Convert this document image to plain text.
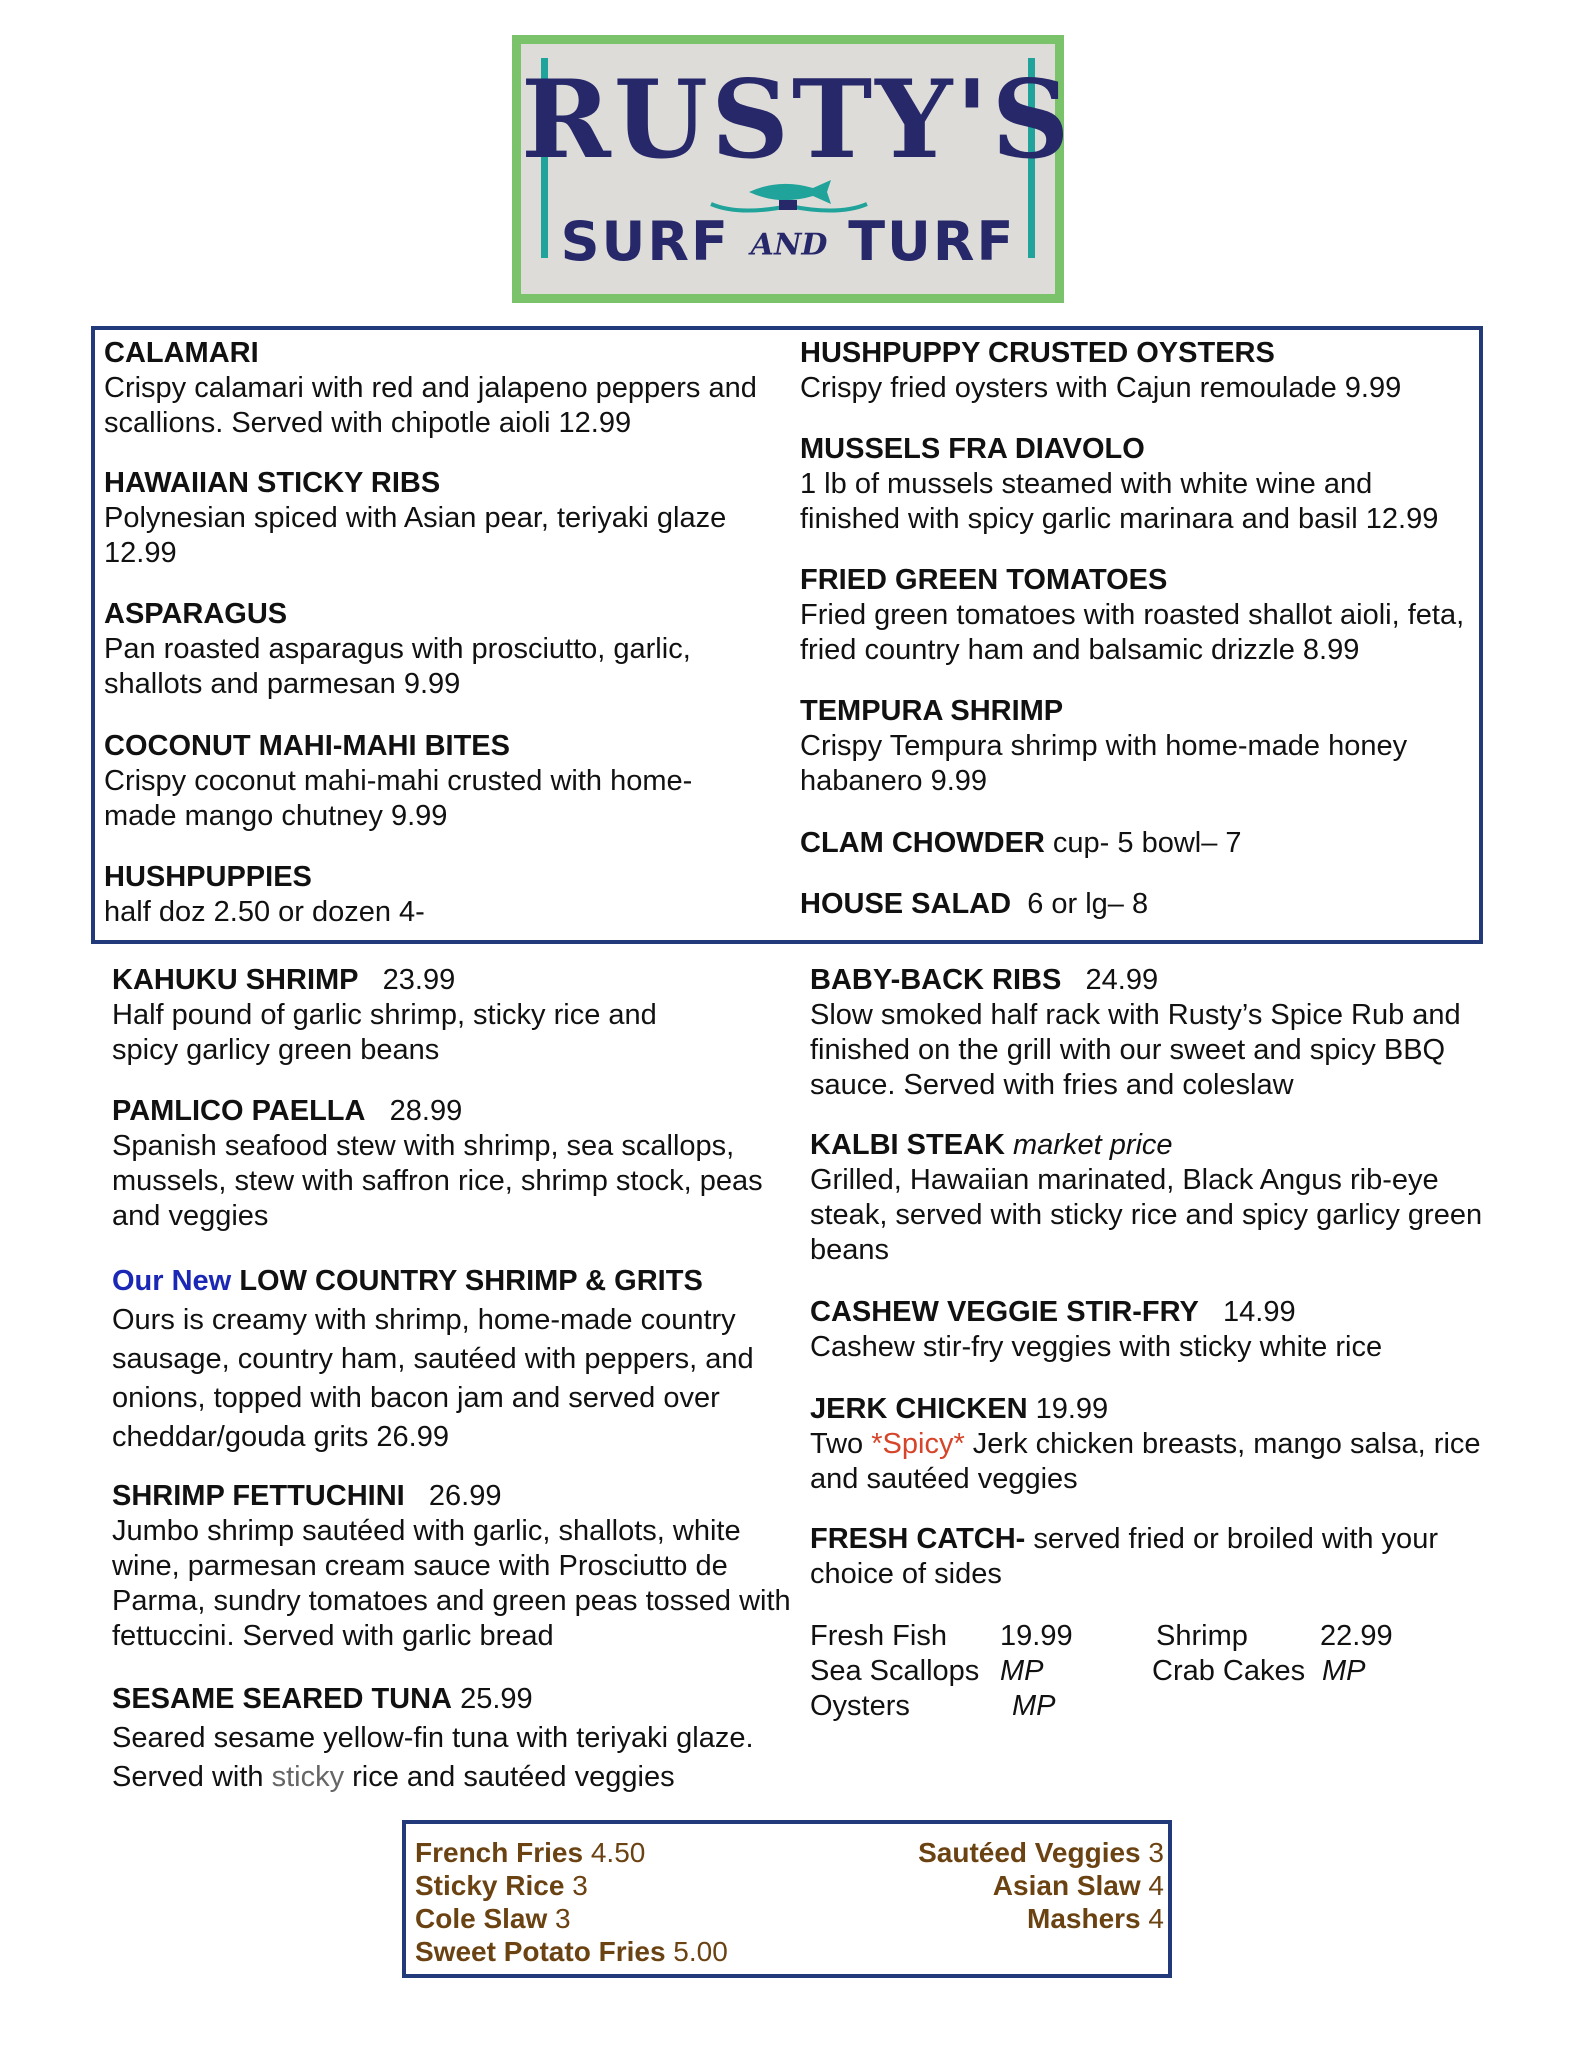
RUSTY'S
SURF AND TURF
CALAMARI
Crispy calamari with red and jalapeno peppers and scallions. Served with chipotle aioli 12.99
HAWAIIAN STICKY RIBS
Polynesian spiced with Asian pear, teriyaki glaze 12.99
ASPARAGUS
Pan roasted asparagus with prosciutto, garlic, shallots and parmesan 9.99
COCONUT MAHI-MAHI BITES
Crispy coconut mahi-mahi crusted with home-made mango chutney 9.99
HUSHPUPPIES
half doz 2.50 or dozen 4-
HUSHPUPPY CRUSTED OYSTERS
Crispy fried oysters with Cajun remoulade 9.99
MUSSELS FRA DIAVOLO
1 lb of mussels steamed with white wine and finished with spicy garlic marinara and basil 12.99
FRIED GREEN TOMATOES
Fried green tomatoes with roasted shallot aioli, feta, fried country ham and balsamic drizzle 8.99
TEMPURA SHRIMP
Crispy Tempura shrimp with home-made honey habanero 9.99
CLAM CHOWDER cup- 5 bowl– 7
HOUSE SALAD 6 or lg– 8
KAHUKU SHRIMP 23.99
Half pound of garlic shrimp, sticky rice and spicy garlicy green beans
PAMLICO PAELLA 28.99
Spanish seafood stew with shrimp, sea scallops, mussels, stew with saffron rice, shrimp stock, peas and veggies
Our New LOW COUNTRY SHRIMP & GRITS
Ours is creamy with shrimp, home-made country sausage, country ham, sautéed with peppers, and onions, topped with bacon jam and served over cheddar/gouda grits 26.99
SHRIMP FETTUCHINI 26.99
Jumbo shrimp sautéed with garlic, shallots, white wine, parmesan cream sauce with Prosciutto de Parma, sundry tomatoes and green peas tossed with fettuccini. Served with garlic bread
SESAME SEARED TUNA 25.99
Seared sesame yellow-fin tuna with teriyaki glaze. Served with sticky rice and sautéed veggies
BABY-BACK RIBS 24.99
Slow smoked half rack with Rusty’s Spice Rub and finished on the grill with our sweet and spicy BBQ sauce. Served with fries and coleslaw
KALBI STEAK market price
Grilled, Hawaiian marinated, Black Angus rib-eye steak, served with sticky rice and spicy garlicy green beans
CASHEW VEGGIE STIR-FRY 14.99
Cashew stir-fry veggies with sticky white rice
JERK CHICKEN 19.99
Two *Spicy* Jerk chicken breasts, mango salsa, rice and sautéed veggies
FRESH CATCH- served fried or broiled with your choice of sides
Fresh Fish 19.99
Sea Scallops MP
Oysters	MP
Shrimp 22.99
Crab Cakes MP
French Fries 4.50
Sticky Rice 3
Cole Slaw 3
Sweet Potato Fries 5.00
Sautéed Veggies 3
Asian Slaw 4
Mashers 4
